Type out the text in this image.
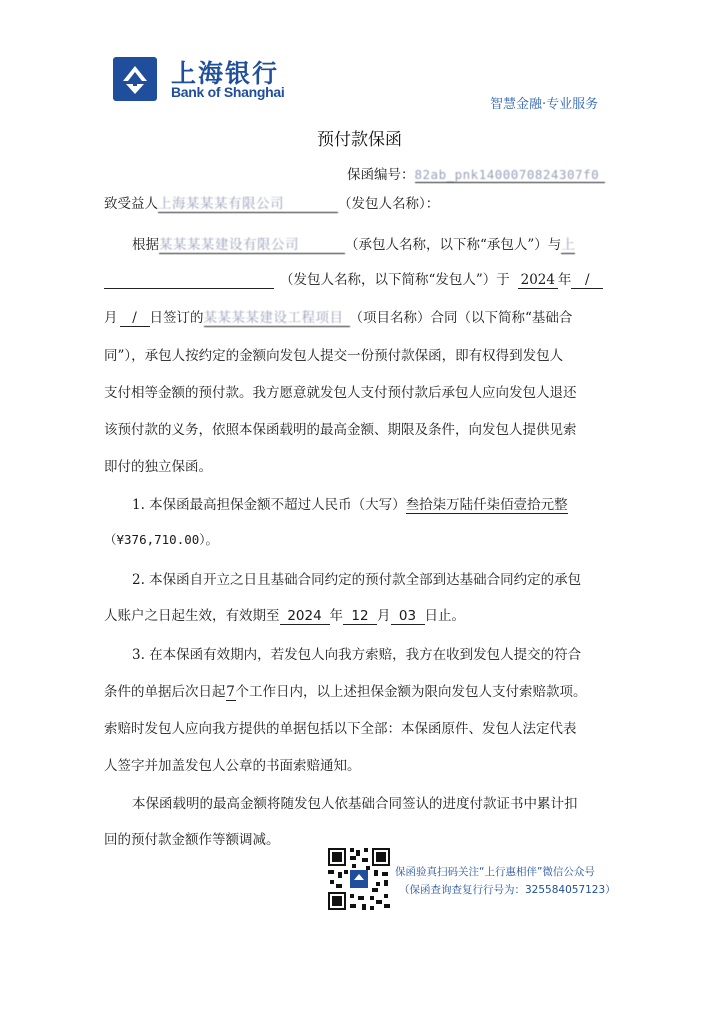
上海银行
Bank of Shanghai
智慧金融·专业服务
预付款保函
保函编号：82ab_pnk1400070824307f0
致受益人上海某某某有限公司	（发包人名称）：
根据某某某某建设有限公司	（承包人名称，以下称“承包人”）与上
（发包人名称，以下简称“发包人”）于 2024 年 /
月 / 日签订的某某某某建设工程项目 （项目名称）合同（以下简称“基础合
同”），承包人按约定的金额向发包人提交一份预付款保函，即有权得到发包人
支付相等金额的预付款。我方愿意就发包人支付预付款后承包人应向发包人退还
该预付款的义务，依照本保函载明的最高金额、期限及条件，向发包人提供见索
即付的独立保函。
1. 本保函最高担保金额不超过人民币（大写）叁拾柒万陆仟柒佰壹拾元整
（¥376,710.00）。
2. 本保函自开立之日且基础合同约定的预付款全部到达基础合同约定的承包
人账户之日起生效，有效期至 2024 年 12 月 03 日止。
3. 在本保函有效期内，若发包人向我方索赔，我方在收到发包人提交的符合
条件的单据后次日起7个工作日内，以上述担保金额为限向发包人支付索赔款项。
索赔时发包人应向我方提供的单据包括以下全部：本保函原件、发包人法定代表
人签字并加盖发包人公章的书面索赔通知。
本保函载明的最高金额将随发包人依基础合同签认的进度付款证书中累计扣
回的预付款金额作等额调减。
保函验真扫码关注“上行惠相伴”微信公众号
（保函查询查复行行号为：325584057123）
